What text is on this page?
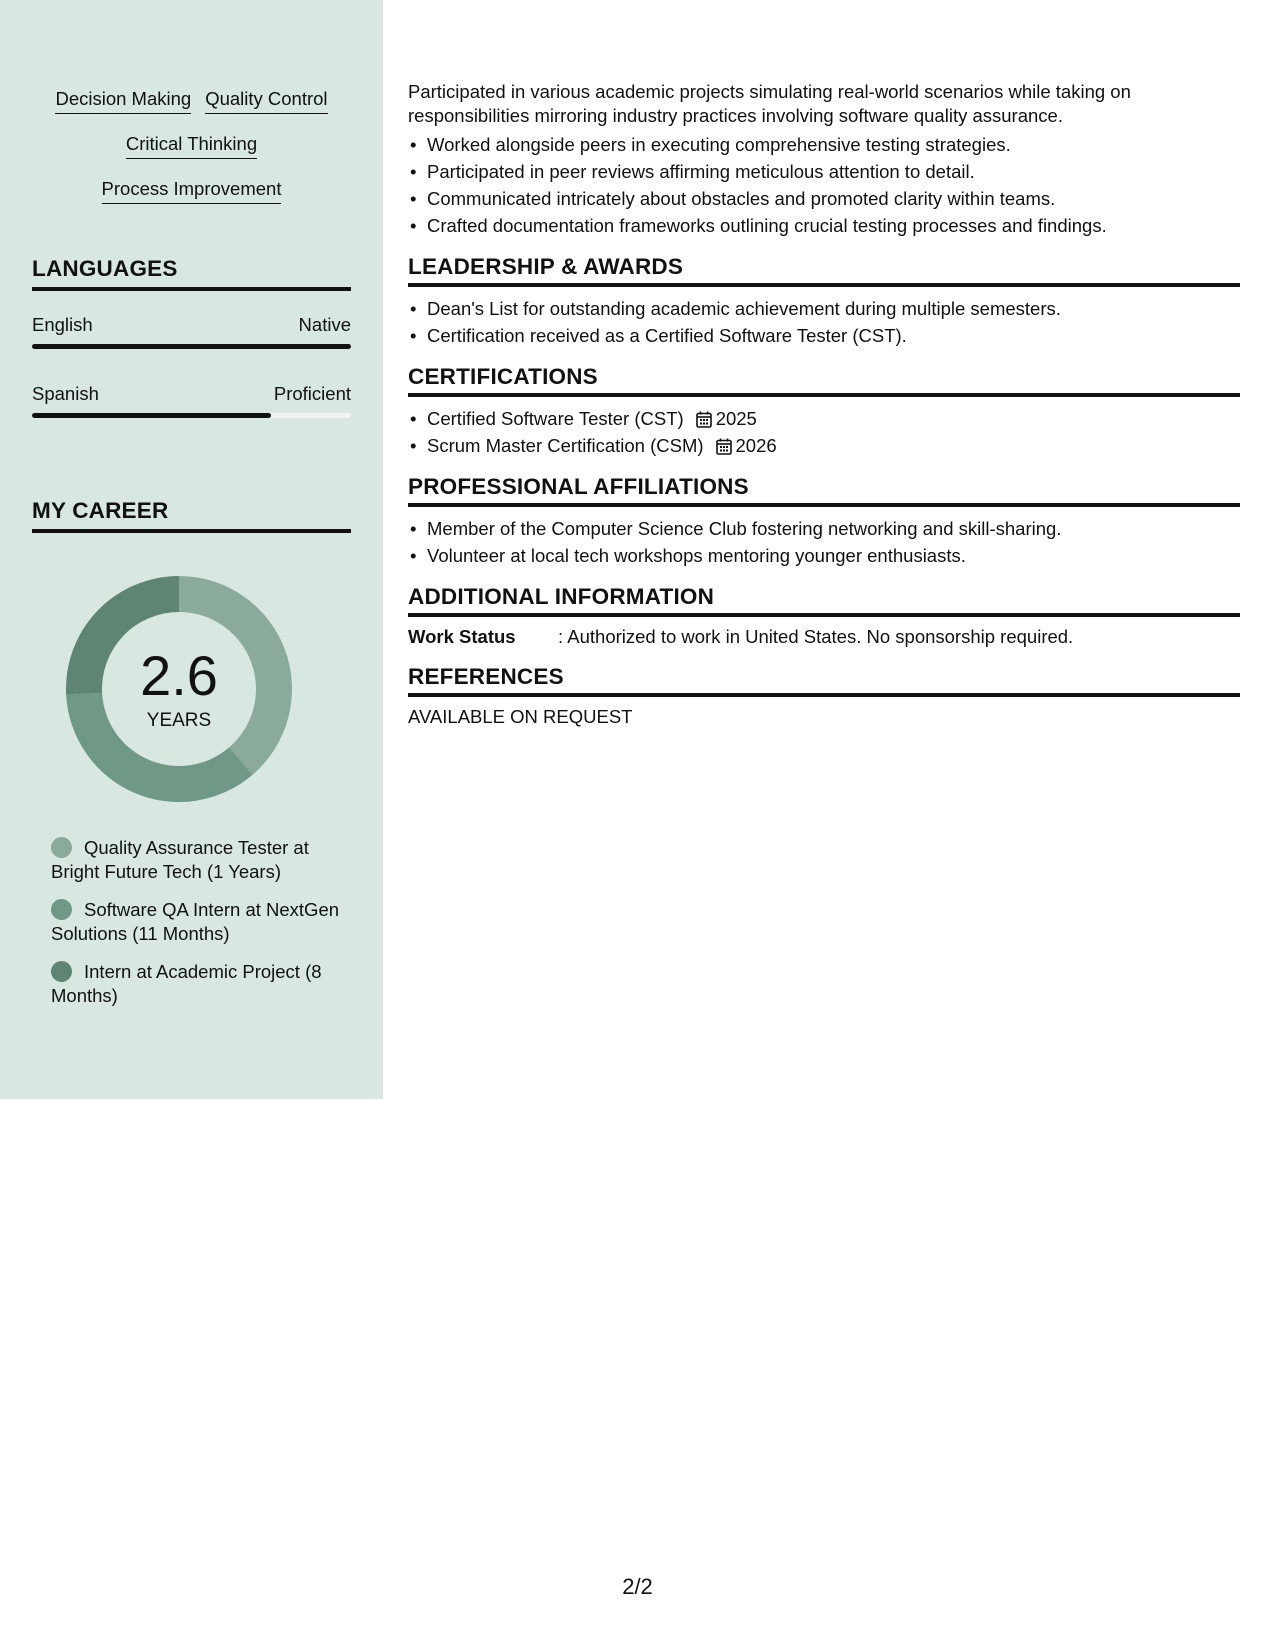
Decision Making Quality Control
Critical Thinking
Process Improvement
LANGUAGES
English	Native
Spanish	Proficient
MY CAREER
2.6
YEARS
Quality Assurance Tester at Bright Future Tech (1 Years)
Software QA Intern at NextGen Solutions (11 Months)
Intern at Academic Project (8 Months)

Participated in various academic projects simulating real-world scenarios while taking on responsibilities mirroring industry practices involving software quality assurance.

• Worked alongside peers in executing comprehensive testing strategies.
• Participated in peer reviews affirming meticulous attention to detail.
• Communicated intricately about obstacles and promoted clarity within teams.
• Crafted documentation frameworks outlining crucial testing processes and findings.
LEADERSHIP & AWARDS
• Dean's List for outstanding academic achievement during multiple semesters.
• Certification received as a Certified Software Tester (CST).
CERTIFICATIONS
• Certified Software Tester (CST) 2025
• Scrum Master Certification (CSM) 2026
PROFESSIONAL AFFILIATIONS
• Member of the Computer Science Club fostering networking and skill-sharing.
• Volunteer at local tech workshops mentoring younger enthusiasts.
ADDITIONAL INFORMATION
Work Status	: Authorized to work in United States. No sponsorship required.
REFERENCES
AVAILABLE ON REQUEST
2/2
